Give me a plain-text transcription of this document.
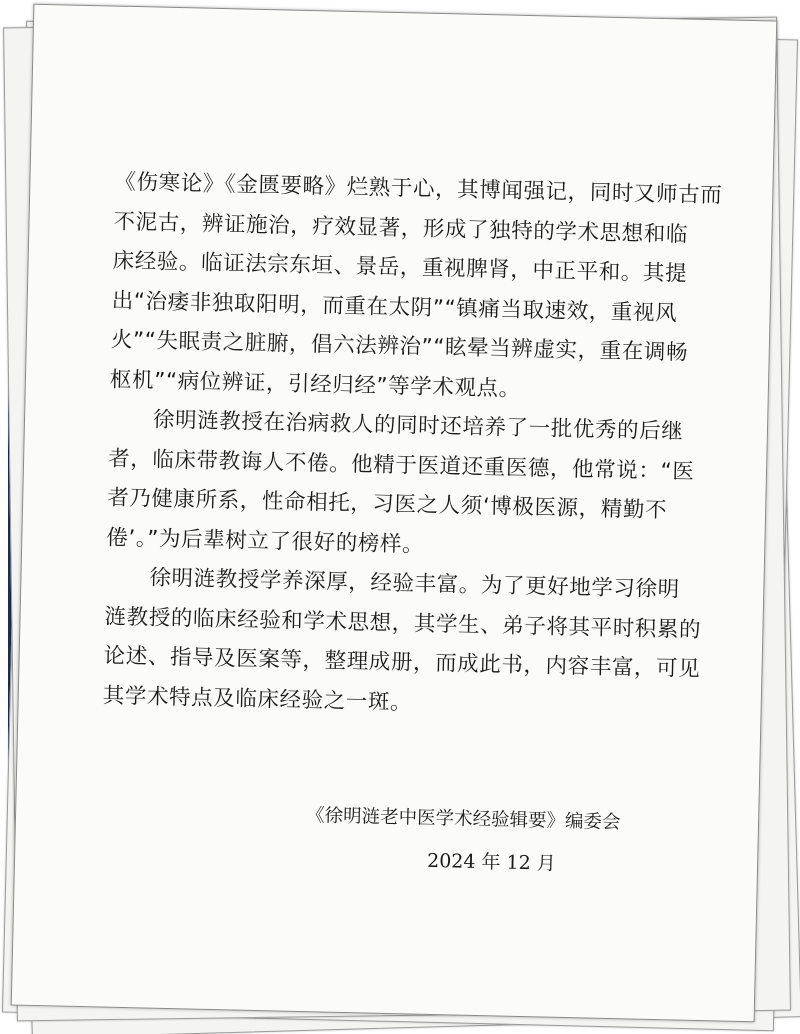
《伤寒论》《金匮要略》烂熟于心，其博闻强记，同时又师古而
不泥古，辨证施治，疗效显著，形成了独特的学术思想和临
床经验。临证法宗东垣、景岳，重视脾肾，中正平和。其提
出“治痿非独取阳明，而重在太阴”“镇痛当取速效，重视风
火”“失眠责之脏腑，倡六法辨治”“眩晕当辨虚实，重在调畅
枢机”“病位辨证，引经归经”等学术观点。
徐明涟教授在治病救人的同时还培养了一批优秀的后继
者，临床带教诲人不倦。他精于医道还重医德，他常说：“医
者乃健康所系，性命相托，习医之人须‘博极医源，精勤不
倦’。”为后辈树立了很好的榜样。
徐明涟教授学养深厚，经验丰富。为了更好地学习徐明
涟教授的临床经验和学术思想，其学生、弟子将其平时积累的
论述、指导及医案等，整理成册，而成此书，内容丰富，可见
其学术特点及临床经验之一斑。
《徐明涟老中医学术经验辑要》编委会
2024 年 12 月
